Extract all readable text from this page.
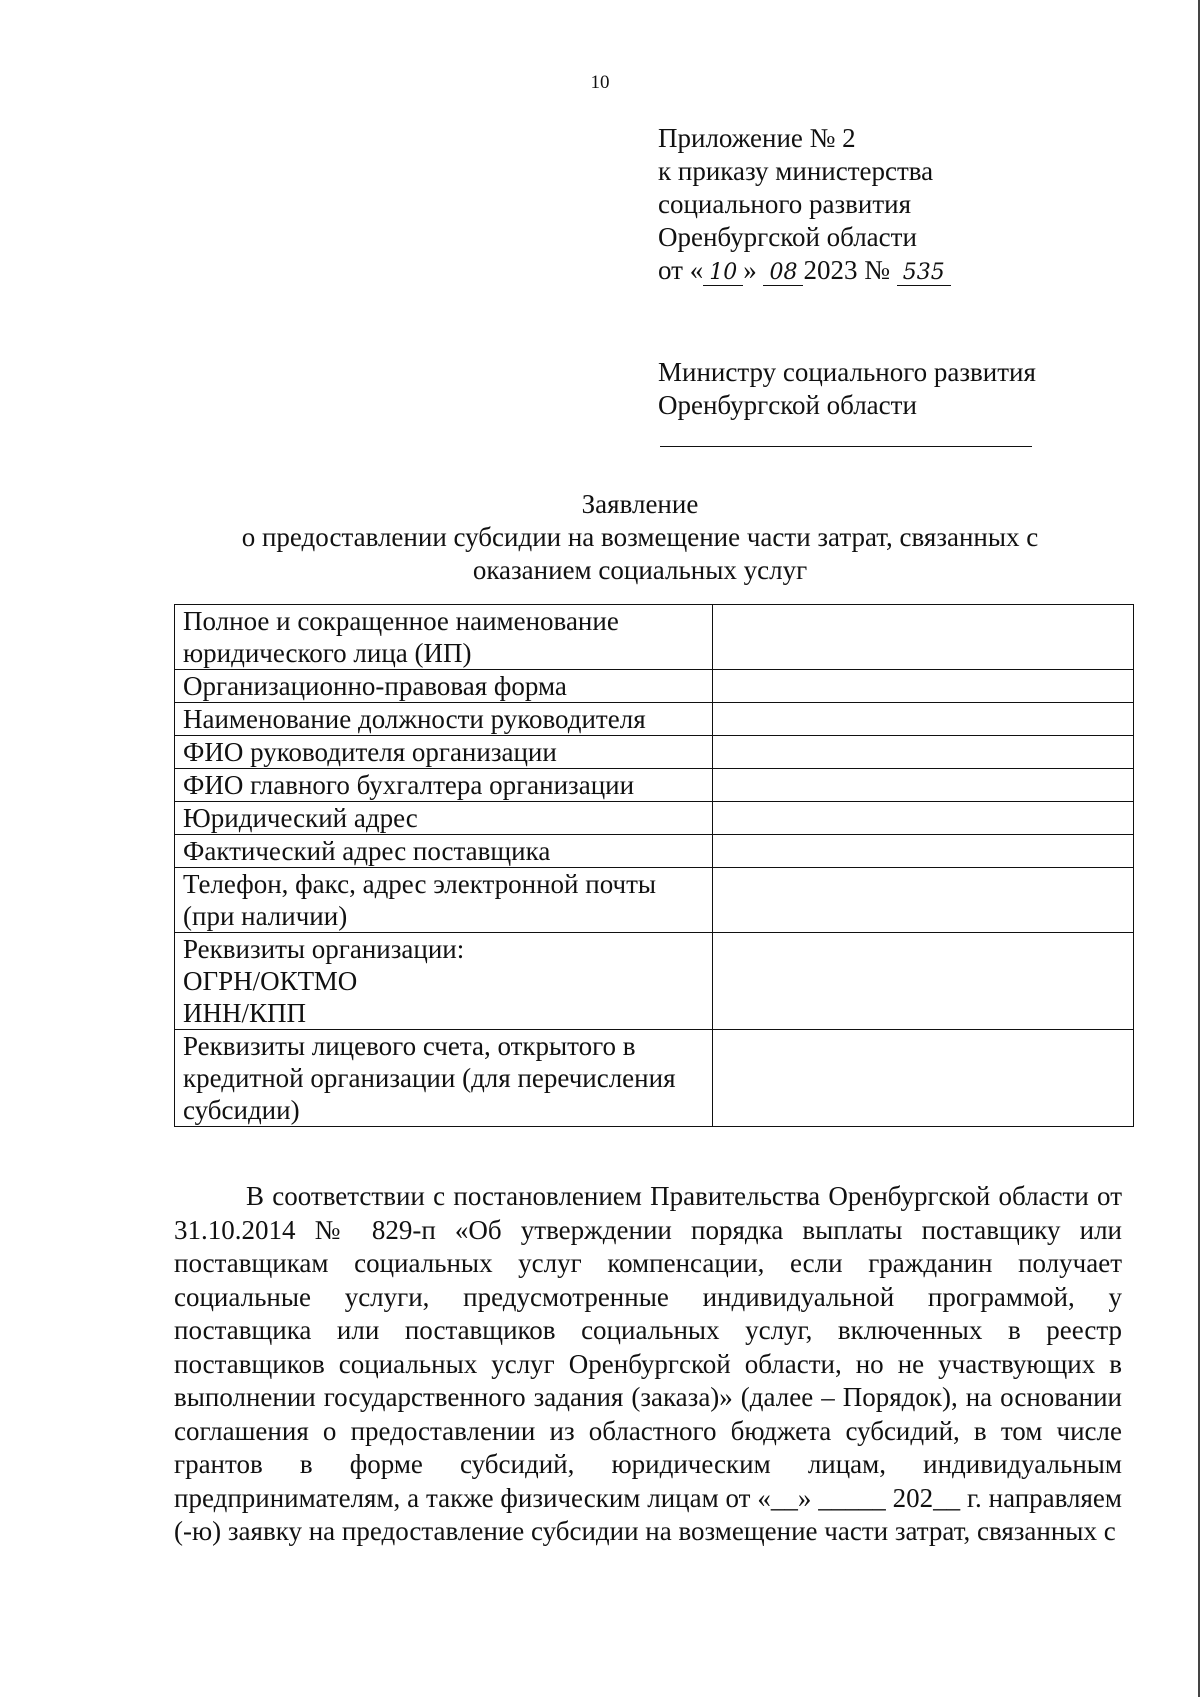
10
Приложение № 2
к приказу министерства
социального развития
Оренбургской области
от « 10 » 08 2023 № 535
Министру социального развития
Оренбургской области
Заявление
о предоставлении субсидии на возмещение части затрат, связанных с
оказанием социальных услуг
Полное и сокращенное наименование юридического лица (ИП)	
Организационно-правовая форма	
Наименование должности руководителя	
ФИО руководителя организации	
ФИО главного бухгалтера организации	
Юридический адрес	
Фактический адрес поставщика	
Телефон, факс, адрес электронной почты (при наличии)	
Реквизиты организации:
ОГРН/ОКТМО
ИНН/КПП	
Реквизиты лицевого счета, открытого в кредитной организации (для перечисления субсидии)	

В соответствии с постановлением Правительства Оренбургской области от 31.10.2014 № 829-п «Об утверждении порядка выплаты поставщику или поставщикам социальных услуг компенсации, если гражданин получает социальные услуги, предусмотренные индивидуальной программой, у поставщика или поставщиков социальных услуг, включенных в реестр поставщиков социальных услуг Оренбургской области, но не участвующих в выполнении государственного задания (заказа)» (далее – Порядок), на основании соглашения о предоставлении из областного бюджета субсидий, в том числе грантов в форме субсидий, юридическим лицам, индивидуальным предпринимателям, а также физическим лицам от «__» _____ 202__ г. направляем (-ю) заявку на предоставление субсидии на возмещение части затрат, связанных с
